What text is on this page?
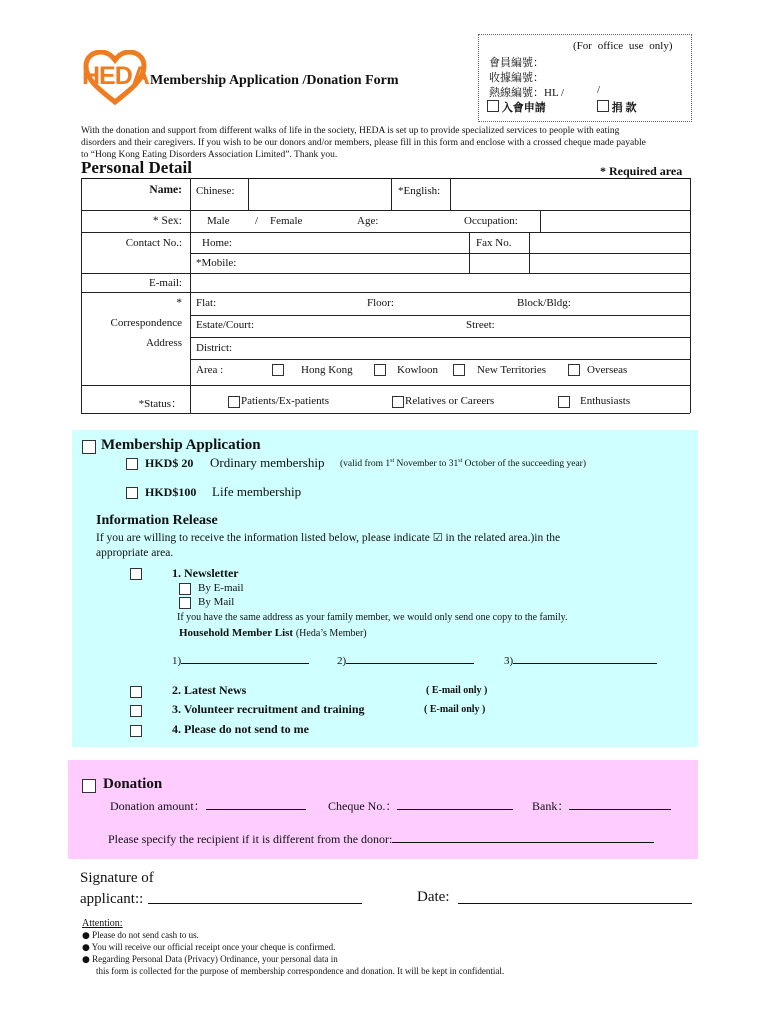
HEDA Membership Application /Donation Form
(For office use only)
會員編號：
收據編號：
熱線編號：HL /	/
入會申請	捐 款
With the donation and support from different walks of life in the society, HEDA is set up to provide specialized services to people with eating
disorders and their caregivers. If you wish to be our donors and/or members, please fill in this form and enclose with a crossed cheque made payable
to “Hong Kong Eating Disorders Association Limited”. Thank you.
Personal Detail	* Required area
Name: Chinese:	*English:
* Sex: Male / Female	Age:	Occupation:
Contact No.: Home:	Fax No.
*Mobile:
E-mail:
*
Correspondence
Address
Flat:	Floor:	Block/Bldg:
Estate/Court:	Street:
District:
Area :	Hong Kong	Kowloon	New Territories	Overseas
*Status：	Patients/Ex-patients	Relatives or Careers	Enthusiasts
Membership Application
HKD$ 20 Ordinary membership (valid from 1st November to 31st October of the succeeding year)
HKD$100 Life membership
Information Release
If you are willing to receive the information listed below, please indicate ☑ in the related area.)in the
appropriate area.
1. Newsletter
By E-mail
By Mail
If you have the same address as your family member, we would only send one copy to the family.
Household Member List (Heda’s Member)
1)	2)	3)
2. Latest News	( E-mail only )
3. Volunteer recruitment and training	( E-mail only )
4. Please do not send to me
Donation
Donation amount：	Cheque No.：	Bank：
Please specify the recipient if it is different from the donor:
Signature of
applicant::	Date:
Attention:
● Please do not send cash to us.
● You will receive our official receipt once your cheque is confirmed.
● Regarding Personal Data (Privacy) Ordinance, your personal data in
this form is collected for the purpose of membership correspondence and donation. It will be kept in confidential.
